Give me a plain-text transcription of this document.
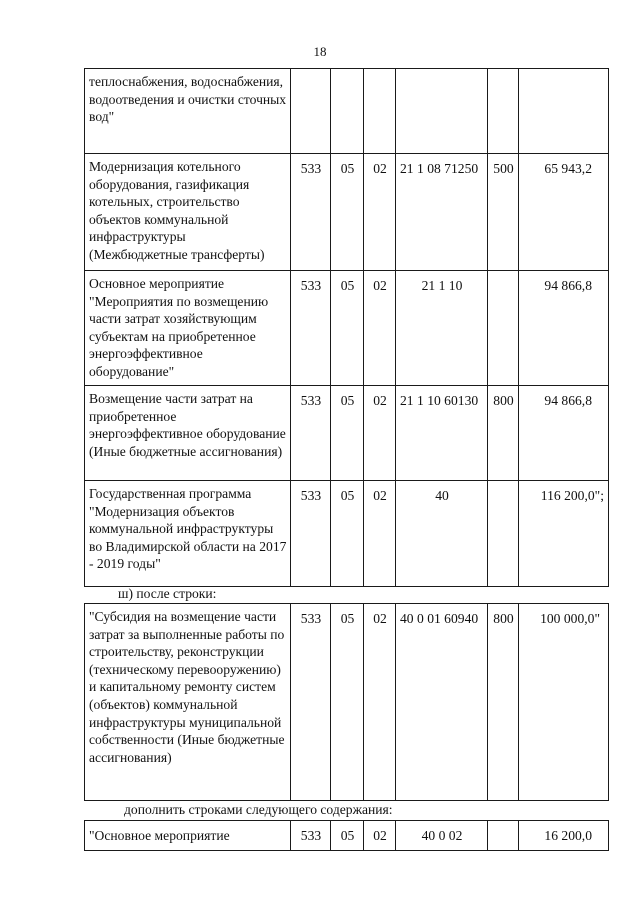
18
теплоснабжения, водоснабжения, водоотведения и очистки сточных вод"						
Модернизация котельного оборудования, газификация котельных, строительство объектов коммунальной инфраструктуры (Межбюджетные трансферты)	533	05	02	21 1 08 71250	500	65 943,2
Основное мероприятие "Мероприятия по возмещению части затрат хозяйствующим субъектам на приобретенное энергоэффективное оборудование"	533	05	02	21 1 10		94 866,8
Возмещение части затрат на приобретенное энергоэффективное оборудование (Иные бюджетные ассигнования)	533	05	02	21 1 10 60130	800	94 866,8
Государственная программа "Модернизация объектов коммунальной инфраструктуры во Владимирской области на 2017 - 2019 годы"	533	05	02	40		116 200,0";
ш) после строки:
"Субсидия на возмещение части затрат за выполненные работы по строительству, реконструкции (техническому перевооружению) и капитальному ремонту систем (объектов) коммунальной инфраструктуры муниципальной собственности (Иные бюджетные ассигнования)	533	05	02	40 0 01 60940	800	100 000,0"
дополнить строками следующего содержания:
"Основное мероприятие	533	05	02	40 0 02		16 200,0
